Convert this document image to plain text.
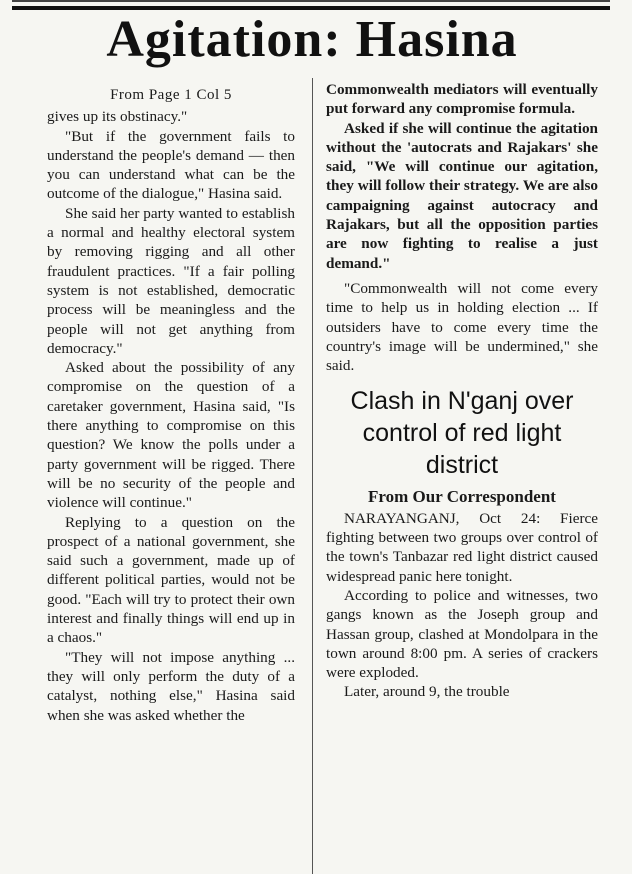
Agitation: Hasina
From Page 1 Col 5

gives up its obstinacy."

"But if the government fails to understand the people's demand — then you can understand what can be the outcome of the dialogue," Hasina said.

She said her party wanted to establish a normal and healthy electoral system by removing rigging and all other fraudulent practices. "If a fair polling system is not established, democratic process will be meaningless and the people will not get anything from democracy."

Asked about the possibility of any compromise on the question of a caretaker government, Hasina said, "Is there anything to compromise on this question? We know the polls under a party government will be rigged. There will be no security of the people and violence will continue."

Replying to a question on the prospect of a national government, she said such a government, made up of different political parties, would not be good. "Each will try to protect their own interest and finally things will end up in a chaos."

"They will not impose anything ... they will only perform the duty of a catalyst, nothing else," Hasina said when she was asked whether the

Commonwealth mediators will eventually put forward any compromise formula.

Asked if she will continue the agitation without the 'autocrats and Rajakars' she said, "We will continue our agitation, they will follow their strategy. We are also campaigning against autocracy and Rajakars, but all the opposition parties are now fighting to realise a just demand."

"Commonwealth will not come every time to help us in holding election ... If outsiders have to come every time the country's image will be undermined," she said.

Clash in N'ganj over control of red light district
From Our Correspondent

NARAYANGANJ, Oct 24: Fierce fighting between two groups over control of the town's Tanbazar red light district caused widespread panic here tonight.

According to police and witnesses, two gangs known as the Joseph group and Hassan group, clashed at Mondolpara in the town around 8:00 pm. A series of crackers were exploded.

Later, around 9, the trouble
